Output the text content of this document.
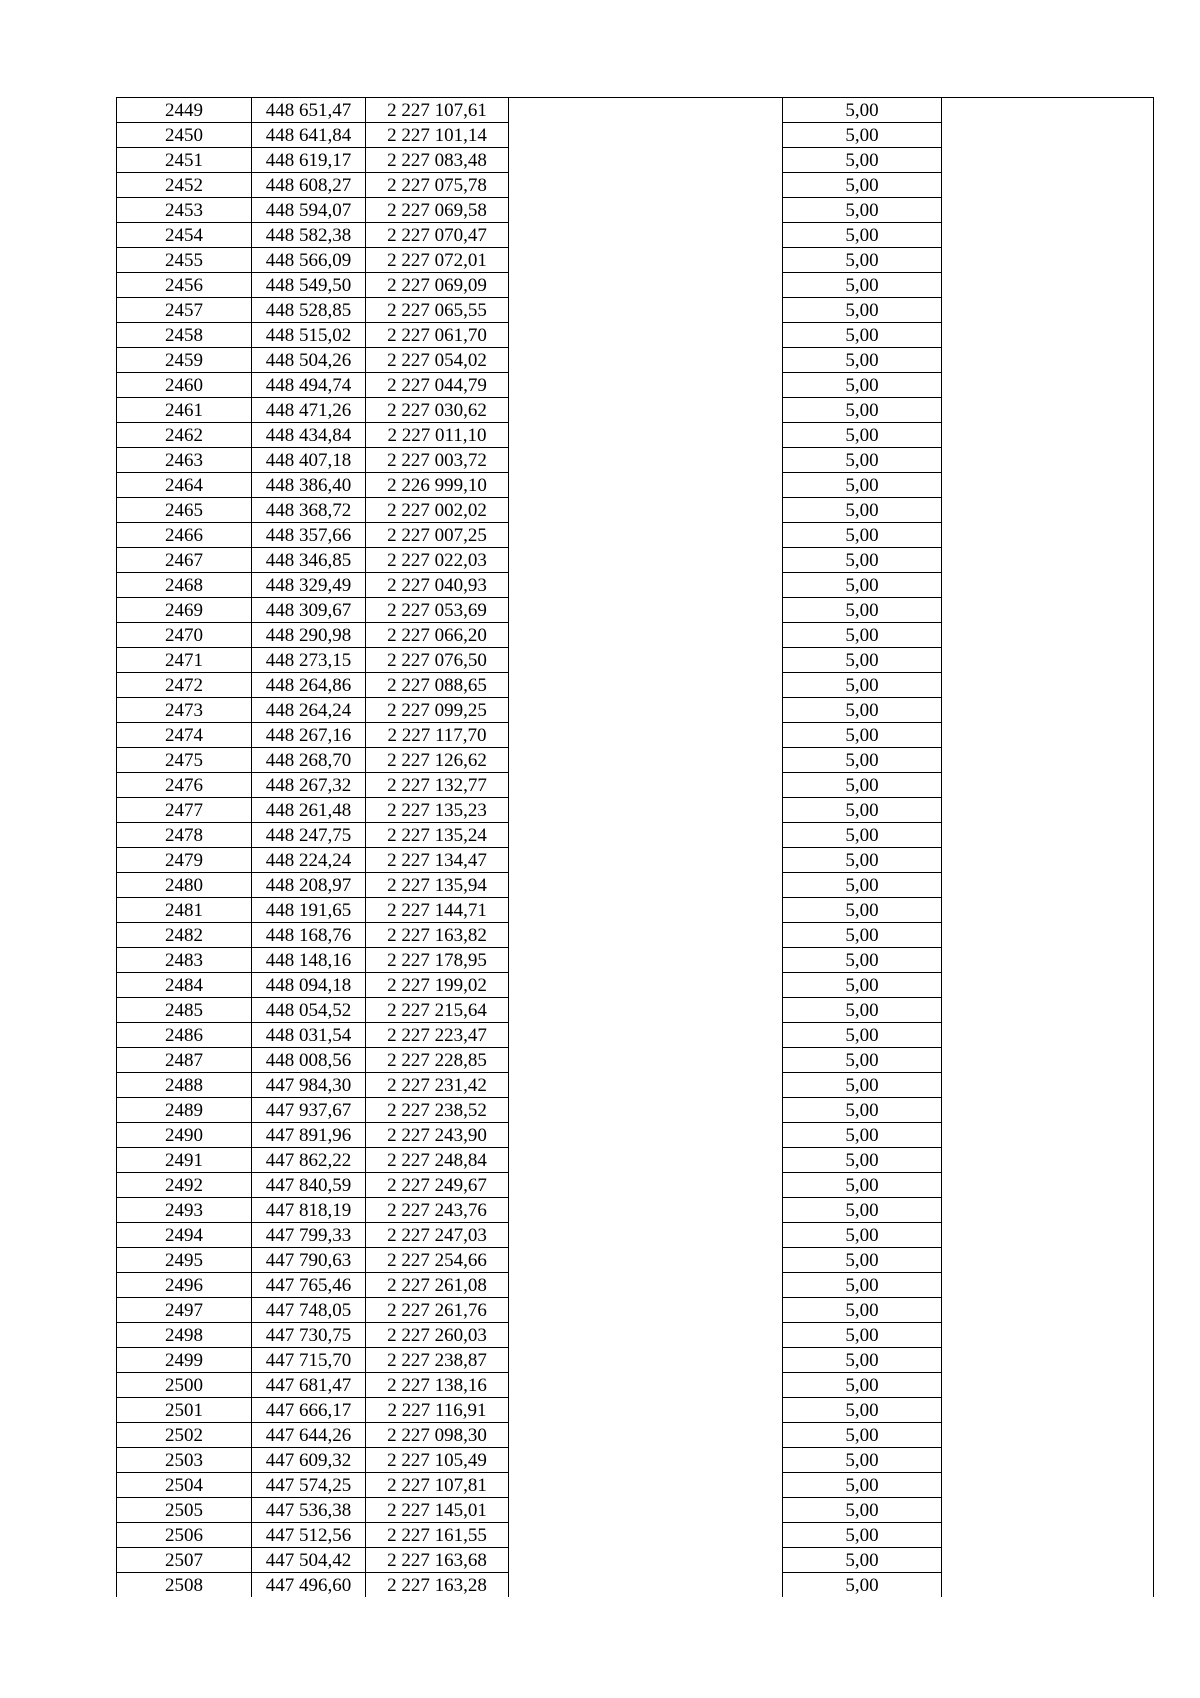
2449	448 651,47	2 227 107,61		5,00	
2450	448 641,84	2 227 101,14		5,00	
2451	448 619,17	2 227 083,48		5,00	
2452	448 608,27	2 227 075,78		5,00	
2453	448 594,07	2 227 069,58		5,00	
2454	448 582,38	2 227 070,47		5,00	
2455	448 566,09	2 227 072,01		5,00	
2456	448 549,50	2 227 069,09		5,00	
2457	448 528,85	2 227 065,55		5,00	
2458	448 515,02	2 227 061,70		5,00	
2459	448 504,26	2 227 054,02		5,00	
2460	448 494,74	2 227 044,79		5,00	
2461	448 471,26	2 227 030,62		5,00	
2462	448 434,84	2 227 011,10		5,00	
2463	448 407,18	2 227 003,72		5,00	
2464	448 386,40	2 226 999,10		5,00	
2465	448 368,72	2 227 002,02		5,00	
2466	448 357,66	2 227 007,25		5,00	
2467	448 346,85	2 227 022,03		5,00	
2468	448 329,49	2 227 040,93		5,00	
2469	448 309,67	2 227 053,69		5,00	
2470	448 290,98	2 227 066,20		5,00	
2471	448 273,15	2 227 076,50		5,00	
2472	448 264,86	2 227 088,65		5,00	
2473	448 264,24	2 227 099,25		5,00	
2474	448 267,16	2 227 117,70		5,00	
2475	448 268,70	2 227 126,62		5,00	
2476	448 267,32	2 227 132,77		5,00	
2477	448 261,48	2 227 135,23		5,00	
2478	448 247,75	2 227 135,24		5,00	
2479	448 224,24	2 227 134,47		5,00	
2480	448 208,97	2 227 135,94		5,00	
2481	448 191,65	2 227 144,71		5,00	
2482	448 168,76	2 227 163,82		5,00	
2483	448 148,16	2 227 178,95		5,00	
2484	448 094,18	2 227 199,02		5,00	
2485	448 054,52	2 227 215,64		5,00	
2486	448 031,54	2 227 223,47		5,00	
2487	448 008,56	2 227 228,85		5,00	
2488	447 984,30	2 227 231,42		5,00	
2489	447 937,67	2 227 238,52		5,00	
2490	447 891,96	2 227 243,90		5,00	
2491	447 862,22	2 227 248,84		5,00	
2492	447 840,59	2 227 249,67		5,00	
2493	447 818,19	2 227 243,76		5,00	
2494	447 799,33	2 227 247,03		5,00	
2495	447 790,63	2 227 254,66		5,00	
2496	447 765,46	2 227 261,08		5,00	
2497	447 748,05	2 227 261,76		5,00	
2498	447 730,75	2 227 260,03		5,00	
2499	447 715,70	2 227 238,87		5,00	
2500	447 681,47	2 227 138,16		5,00	
2501	447 666,17	2 227 116,91		5,00	
2502	447 644,26	2 227 098,30		5,00	
2503	447 609,32	2 227 105,49		5,00	
2504	447 574,25	2 227 107,81		5,00	
2505	447 536,38	2 227 145,01		5,00	
2506	447 512,56	2 227 161,55		5,00	
2507	447 504,42	2 227 163,68		5,00	
2508	447 496,60	2 227 163,28		5,00	
